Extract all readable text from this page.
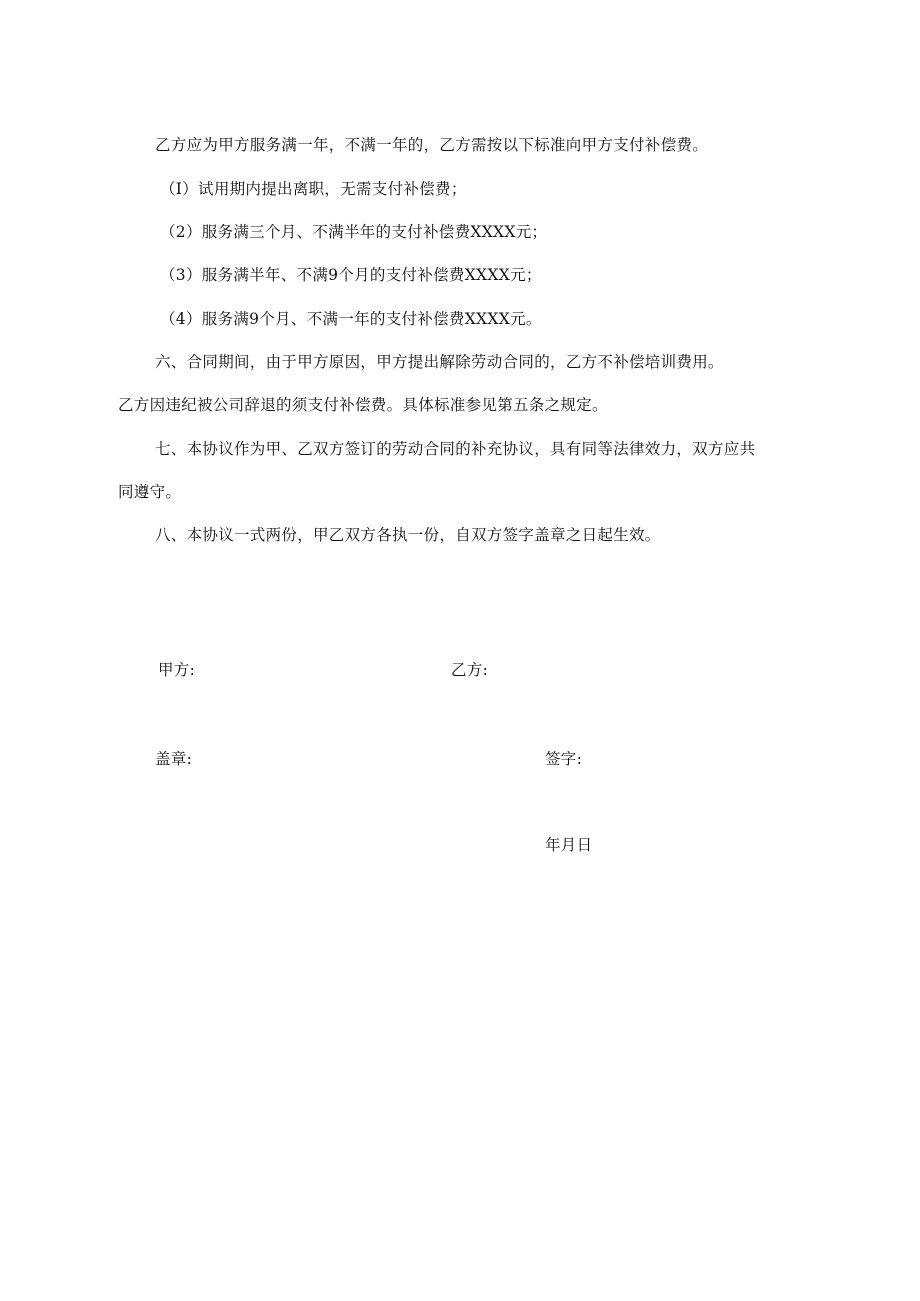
乙方应为甲方服务满一年，不满一年的，乙方需按以下标准向甲方支付补偿费。
（I）试用期内提出离职，无需支付补偿费；
（2）服务满三个月、不满半年的支付补偿费XXXX元；
（3）服务满半年、不满9个月的支付补偿费XXXX元；
（4）服务满9个月、不满一年的支付补偿费XXXX元。
六、合同期间，由于甲方原因，甲方提出解除劳动合同的，乙方不补偿培训费用。
乙方因违纪被公司辞退的须支付补偿费。具体标准参见第五条之规定。
七、本协议作为甲、乙双方签订的劳动合同的补充协议，具有同等法律效力，双方应共
同遵守。
八、本协议一式两份，甲乙双方各执一份，自双方签字盖章之日起生效。
甲方:	乙方:
盖章:	签字:
年月日
